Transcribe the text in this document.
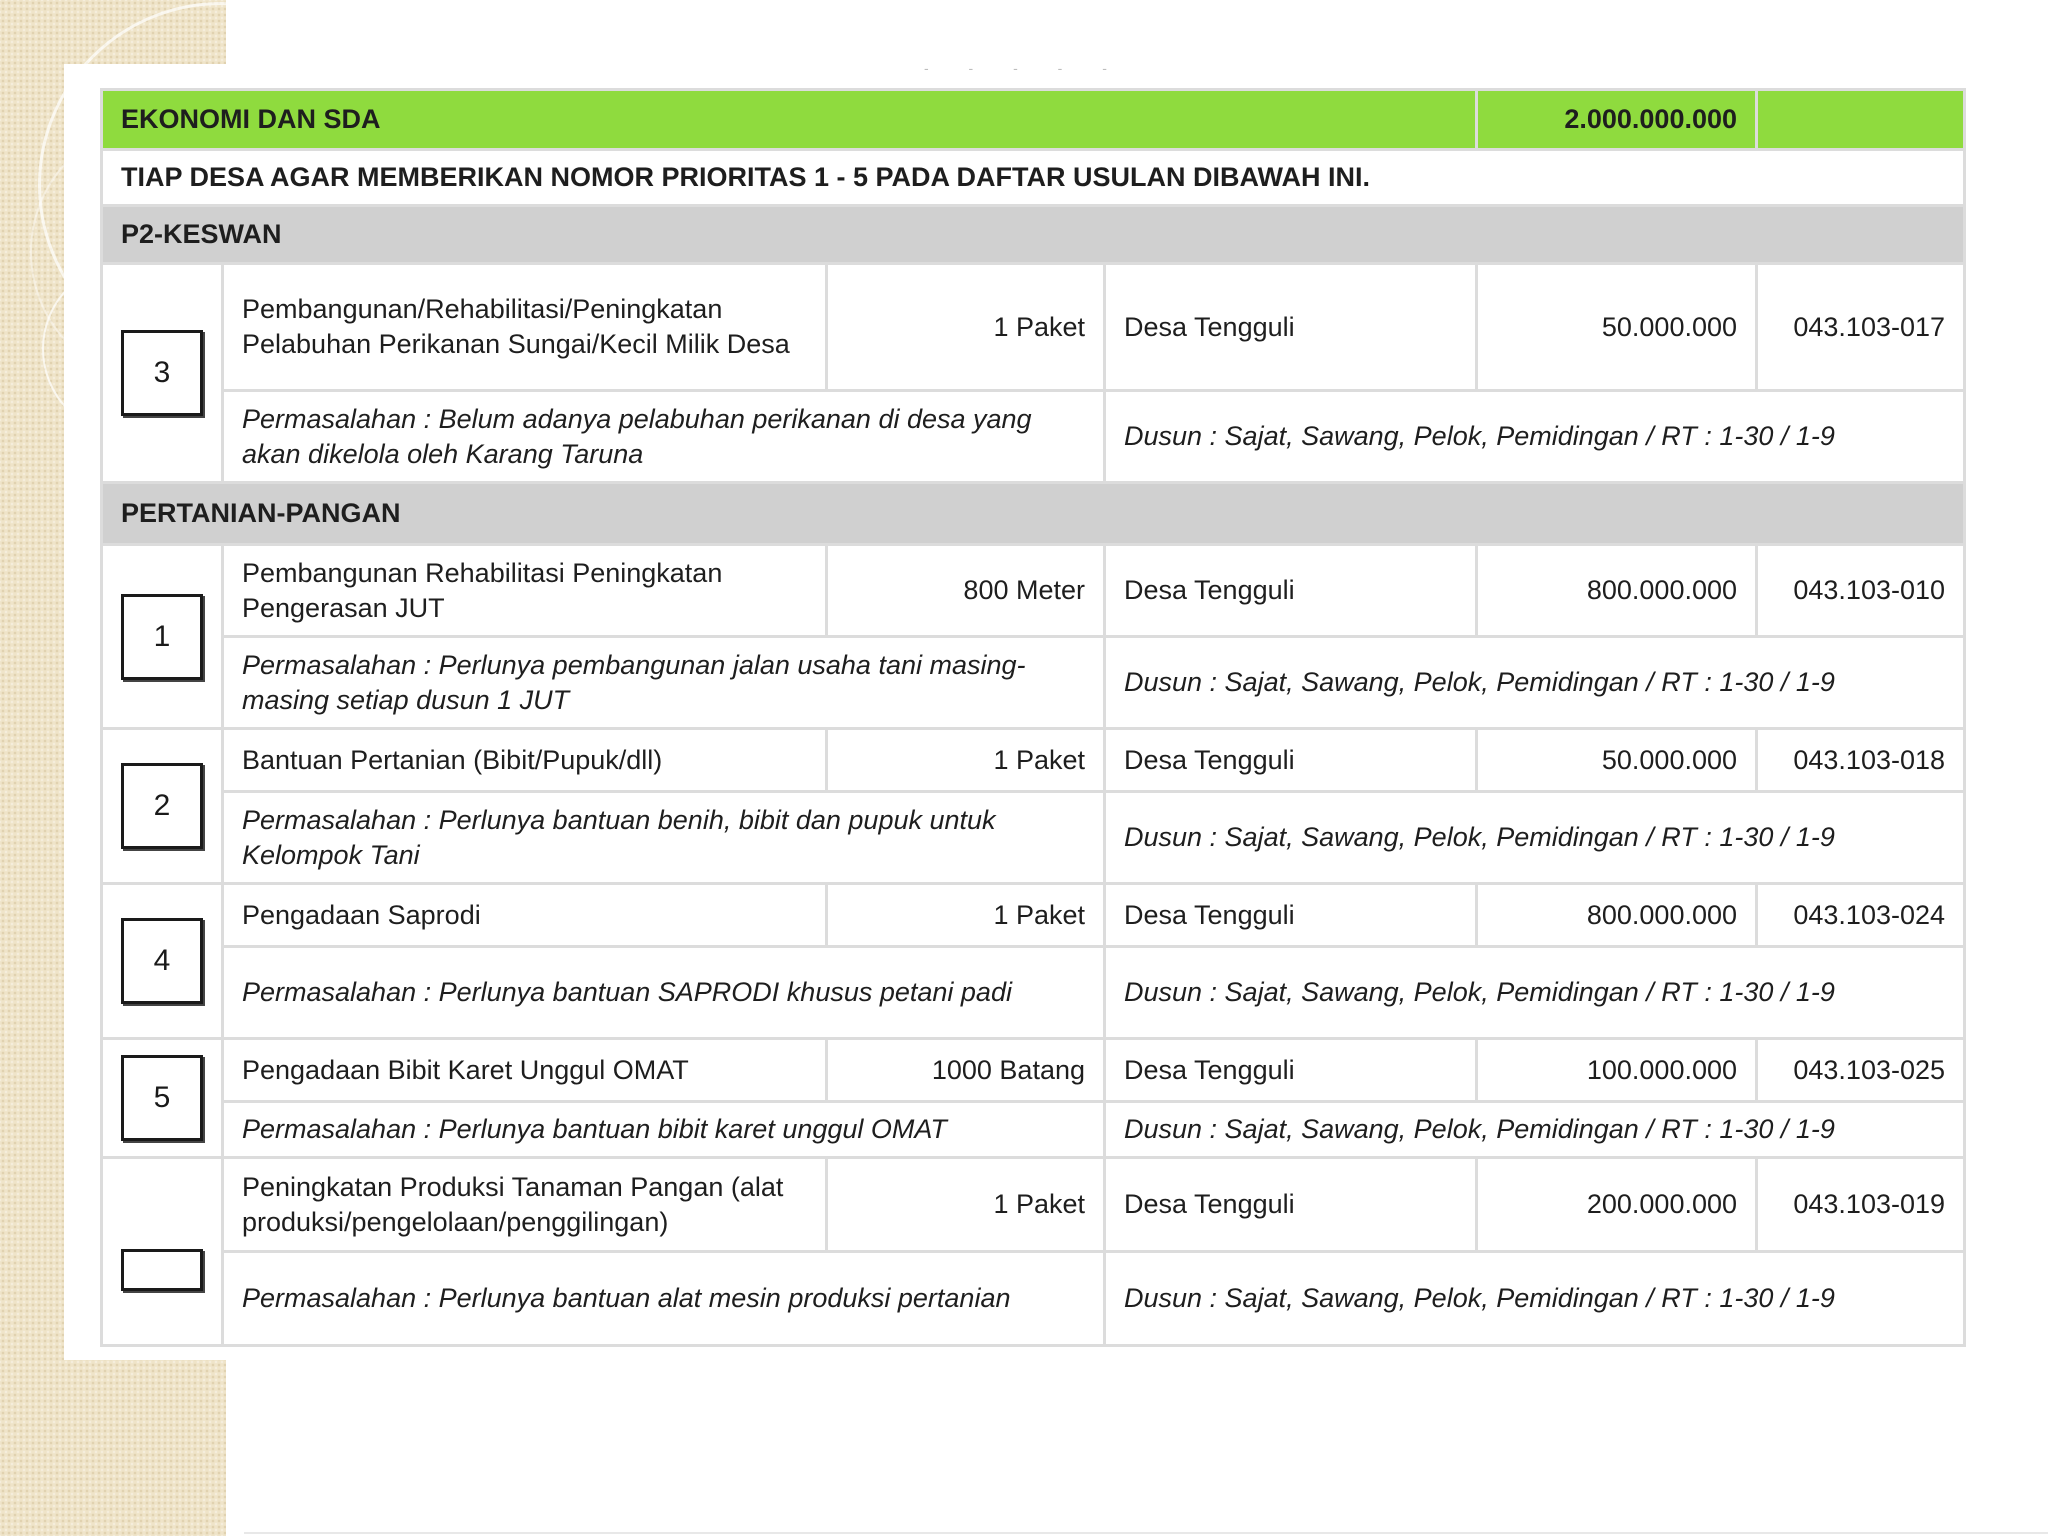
- - - - -
EKONOMI DAN SDA				2.000.000.000	
TIAP DESA AGAR MEMBERIKAN NOMOR PRIORITAS 1 - 5 PADA DAFTAR USULAN DIBAWAH INI.					
P2-KESWAN					
3	Pembangunan/Rehabilitasi/Peningkatan Pelabuhan Perikanan Sungai/Kecil Milik Desa	1 Paket	Desa Tengguli	50.000.000	043.103-017
	Permasalahan : Belum adanya pelabuhan perikanan di desa yang akan dikelola oleh Karang Taruna		Dusun : Sajat, Sawang, Pelok, Pemidingan / RT : 1-30 / 1-9		
PERTANIAN-PANGAN					
1	Pembangunan Rehabilitasi Peningkatan Pengerasan JUT	800 Meter	Desa Tengguli	800.000.000	043.103-010
	Permasalahan : Perlunya pembangunan jalan usaha tani masing-masing setiap dusun 1 JUT		Dusun : Sajat, Sawang, Pelok, Pemidingan / RT : 1-30 / 1-9		
2	Bantuan Pertanian (Bibit/Pupuk/dll)	1 Paket	Desa Tengguli	50.000.000	043.103-018
	Permasalahan : Perlunya bantuan benih, bibit dan pupuk untuk Kelompok Tani		Dusun : Sajat, Sawang, Pelok, Pemidingan / RT : 1-30 / 1-9		
4	Pengadaan Saprodi	1 Paket	Desa Tengguli	800.000.000	043.103-024
	Permasalahan : Perlunya bantuan SAPRODI khusus petani padi		Dusun : Sajat, Sawang, Pelok, Pemidingan / RT : 1-30 / 1-9		
5	Pengadaan Bibit Karet Unggul OMAT	1000 Batang	Desa Tengguli	100.000.000	043.103-025
	Permasalahan : Perlunya bantuan bibit karet unggul OMAT		Dusun : Sajat, Sawang, Pelok, Pemidingan / RT : 1-30 / 1-9		
	Peningkatan Produksi Tanaman Pangan (alat produksi/pengelolaan/penggilingan)	1 Paket	Desa Tengguli	200.000.000	043.103-019
	Permasalahan : Perlunya bantuan alat mesin produksi pertanian		Dusun : Sajat, Sawang, Pelok, Pemidingan / RT : 1-30 / 1-9		
